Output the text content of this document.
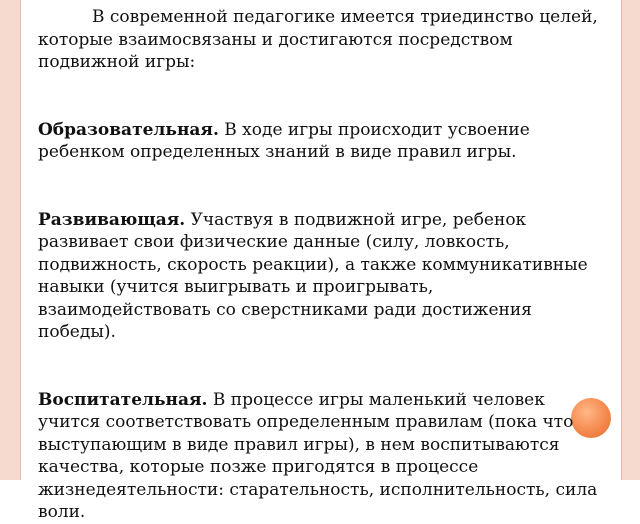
В современной педагогике имеется триединство целей, которые взаимосвязаны и достигаются посредством подвижной игры:

Образовательная. В ходе игры происходит усвоение ребенком определенных знаний в виде правил игры.

Развивающая. Участвуя в подвижной игре, ребенок развивает свои физические данные (силу, ловкость, подвижность, скорость реакции), а также коммуникативные навыки (учится выигрывать и проигрывать, взаимодействовать со сверстниками ради достижения победы).

Воспитательная. В процессе игры маленький человек учится соответствовать определенным правилам (пока что выступающим в виде правил игры), в нем воспитываются качества, которые позже пригодятся в процессе жизнедеятельности: старательность, исполнительность, сила воли.
